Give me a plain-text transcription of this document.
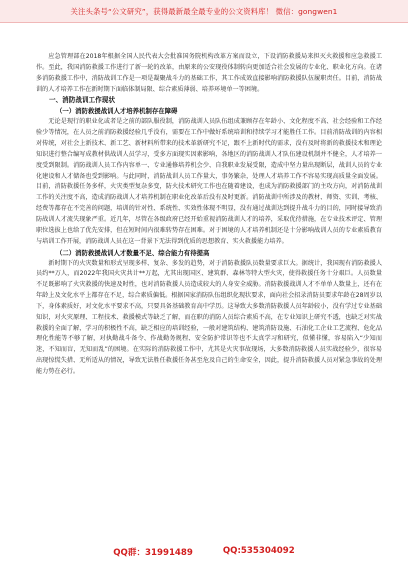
关注头条号“公文研究”，获得最新最全最专业的公文资料库！ 微信：gongwen1

应急管理部在2018年根据全国人民代表大会批准国务院机构改革方案而设立，下设消防救援局来担灭火救援和应急救援工作。至此，我国消防救援工作进行了新一轮的改革，由原来的公安现役体制转向更加适合社会发展的专业化、职业化方向。在诸多消防救援工作中，消防战训工作是一项是凝聚战斗力的基础工作，其工作成效直接影响消防救援队伍履职责任。目前，消防战训的人才培养工作在新时期下面临体制局限、综合素质薄弱、培养环境单一等困境。

一、消防战训工作现状

（一）消防救援战训人才培养机制存在障碍

无论是现行的职业化或者是之前的部队服役制，消防战训人员队伍组成兼顾存在年龄小、文化程度不高、社会经验和工作经验少等情况，在人员之前消防救援经验几乎没有，需要在工作中做好系统培训和持续学习才能胜任工作。目前消防战训的内容相对传统，对社会上新技术、新工艺、新材料所带来的技术革新研究不足，跟不上新时代的需求，没有及时将新的救援技术和理论知识进行整合编写成教材供战训人员学习，受多方面现实因素影响，各地区的消防战训人才队伍建设机制并不健全，人才培养一度受到限制。消防战训人员工作内容单一、专业通修培养机会少、自我职业发展受限，造成中坚力量出现断层，战训人员的专业化建设和人才储备也受到影响。与此同时，消防战训人员工作量大，事务繁杂，处理人才培养工作不容易实现高质量全面发展。目前，消防救援任务多样，火灾类型复杂多变，防火技术研究工作也在随着建设，也成为消防救援部门的主攻方向，对消防战训工作的关注度不高，造成消防战训人才培养机制在职业化改革后没有及时更新。消防战训中所涉及的教材、师资、实训、考核、经费等都存在不完善的问题，培训的针对性、系统性、实效性体现不明显，没有通过战训达到提升战斗力的目的，同时接导致消防战训人才流失现象严重。近几年，尽管在各级政府已经开始重视消防战训人才的培养，采取优待措施，在专业技术评定、管理职位选拔上也给了优先安排，但在短时间内很难转势存在困难。对于困境的人才培养机制还是十分影响战训人员的专业素质教育与培训工作开展，消防战训人员在这一背景下无法得到优质的思想教育、实火救援能力培养。

（二）消防救援战训人才数量不足、综合能力有待提高

新时期下的火灾数量和形式呈现多样、复杂、多发的趋势，对于消防救援队员数量要求巨大。据统计，我国现有消防救援人员约**万人，而2022年我国火灾共计**万起，尤其出现国区、建筑群、森林等特大型火灾，使得救援任务十分艰巨。人员数量不足既影响了火灾救援的快速及时性，也对消防救援人员造成较大的人身安全威胁。消防救援战训人才不单单人数量上，还有在年龄上及文化水平上都存在不足，综合素质偏低。根据国家消防队伍组织化现状要求，面向社会招录消防员要求年龄在28周岁以下，身体素质好，对文化水平要求不高，只要具备基础教育高中学历。这导致大多数消防救援人员年龄较小，没有学过专业基础知识，对火灾原理、工程技术、救援模式等缺乏了解，而在职的消防人员综合素质不高，在专业知识上研究不透，也缺乏对实战救援的全面了解，学习的积极性不高，缺乏相应的培训经验，一般对建筑结构、建筑消防设施、石油化工企业工艺流程、危化品理化性能等不够了解，对执勤战斗备令、作战勤务规程、安全防护常识等也不太真学习和研究，似懂非懂，容易陷入“少知而迷，不知而盲，无知而乱”的困境。在实际的消防救援工作中，尤其是火灾事故现场，大多数消防救援人员实战经验少，很容易出现惊慌失措、无所适从的情况，导致无法胜任救援任务甚至危及自己的生命安全，因此，提升消防救援人员对紧急事故的处理能力势在必行。

QQ群：31991489	QQ:535304092
